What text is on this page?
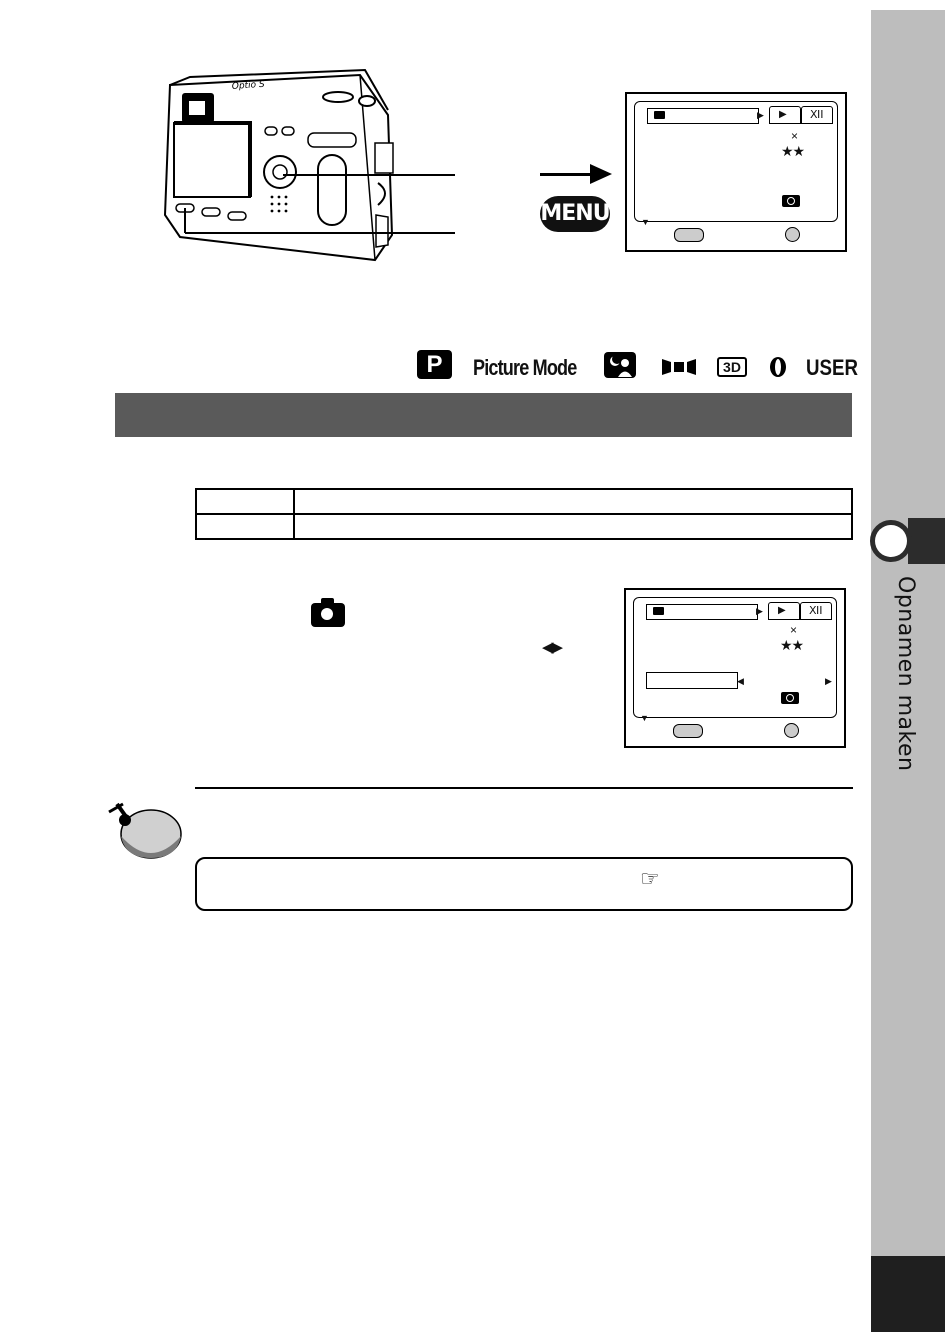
Opnamen maken
Optio S
MENU
▶ ▶ ⅪⅠ
×
★★
▼
P	Picture Mode	3D	USER

◀▶
▶ ▶ ⅪⅠ
×
★★
◀	▶
▼
☞
